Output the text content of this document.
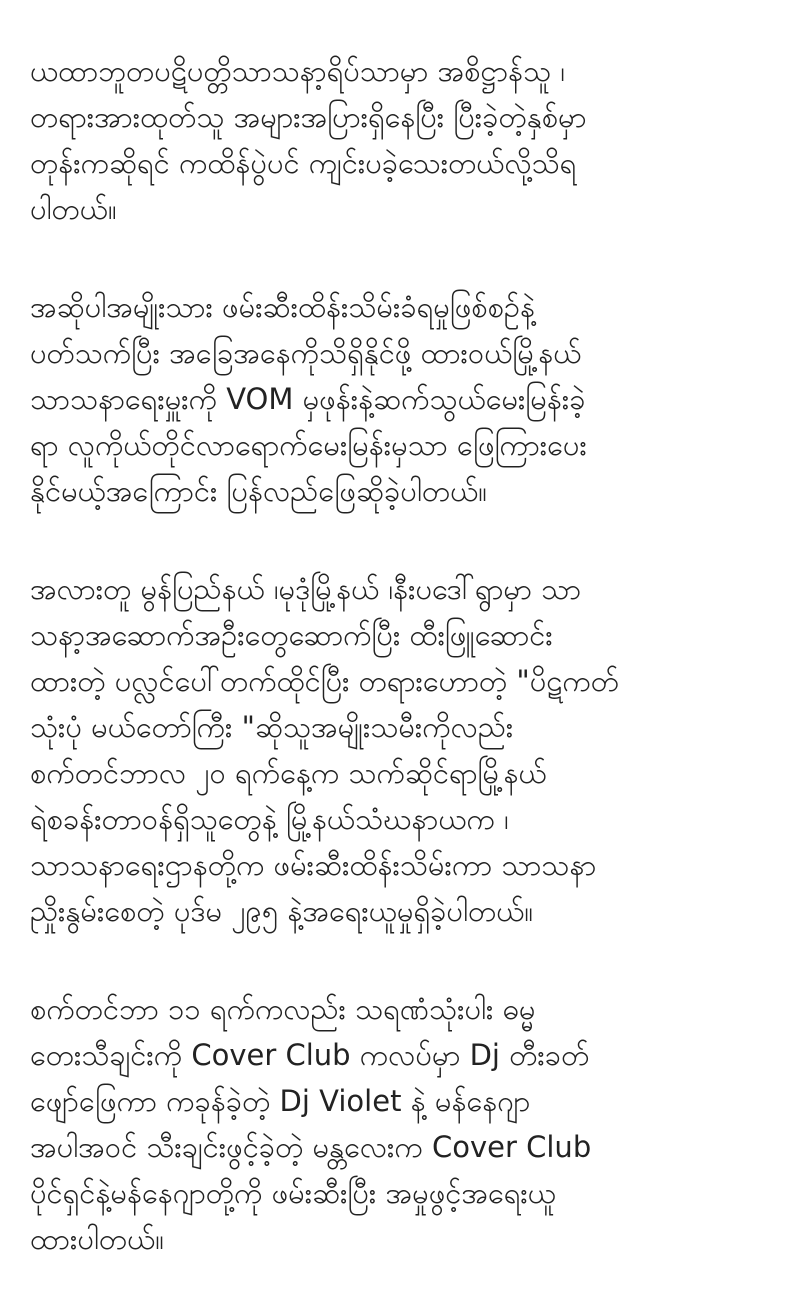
ယထာဘူတပဋိပတ္တိသာသနာ့ရိပ်သာမှာ အစိဋ္ဌာန်သူ ၊
တရားအားထုတ်သူ အများအပြားရှိနေပြီး ပြီးခဲ့တဲ့နှစ်မှာ
တုန်းကဆိုရင် ကထိန်ပွဲပင် ကျင်းပခဲ့သေးတယ်လို့သိရ
ပါတယ်။
အဆိုပါအမျိုးသား ဖမ်းဆီးထိန်းသိမ်းခံရမှုဖြစ်စဥ်နဲ့
ပတ်သက်ပြီး အခြေအနေကိုသိရှိနိုင်ဖို့ ထားဝယ်မြို့နယ်
သာသနာရေးမှူးကို VOM မှဖုန်းနဲ့ဆက်သွယ်မေးမြန်းခဲ့
ရာ လူကိုယ်တိုင်လာရောက်မေးမြန်းမှသာ ဖြေကြားပေး
နိုင်မယ့်အကြောင်း ပြန်လည်ဖြေဆိုခဲ့ပါတယ်။
အလားတူ မွန်ပြည်နယ် ၊မုဒုံမြို့နယ် ၊နီးပဒေါ်ရွာမှာ သာ
သနာ့အဆောက်အဦးတွေဆောက်ပြီး ထီးဖြူဆောင်း
ထားတဲ့ ပလ္လင်ပေါ်တက်ထိုင်ပြီး တရားဟောတဲ့ "ပိဋကတ်
သုံးပုံ မယ်တော်ကြီး "ဆိုသူအမျိုးသမီးကိုလည်း
စက်တင်ဘာလ ၂၀ ရက်နေ့က သက်ဆိုင်ရာမြို့နယ်
ရဲစခန်းတာဝန်ရှိသူတွေနဲ့ မြို့နယ်သံဃနာယက ၊
သာသနာရေးဌာနတို့က ဖမ်းဆီးထိန်းသိမ်းကာ သာသနာ
ညှိုးနွမ်းစေတဲ့ ပုဒ်မ ၂၉၅ နဲ့အရေးယူမှုရှိခဲ့ပါတယ်။
စက်တင်ဘာ ၁၁ ရက်ကလည်း သရဏံသုံးပါး ဓမ္မ
တေးသီချင်းကို Cover Club ကလပ်မှာ Dj တီးခတ်
ဖျော်ဖြေကာ ကခုန်ခဲ့တဲ့ Dj Violet နဲ့ မန်နေဂျာ
အပါအဝင် သီးချင်းဖွင့်ခဲ့တဲ့ မန္တလေးက Cover Club
ပိုင်ရှင်နဲ့မန်နေဂျာတို့ကို ဖမ်းဆီးပြီး အမှုဖွင့်အရေးယူ
ထားပါတယ်။
